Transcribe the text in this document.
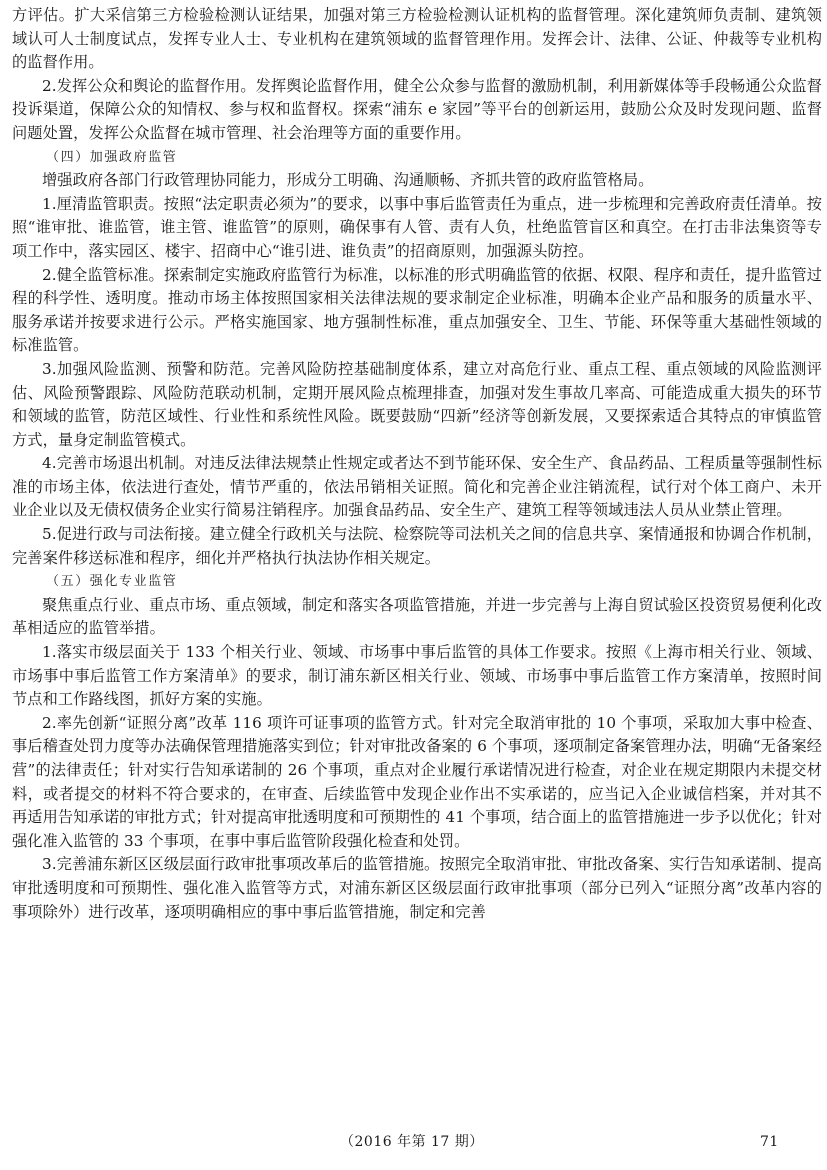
方评估。扩大采信第三方检验检测认证结果，加强对第三方检验检测认证机构的监督管理。深化建筑师负责制、建筑领域认可人士制度试点，发挥专业人士、专业机构在建筑领域的监督管理作用。发挥会计、法律、公证、仲裁等专业机构的监督作用。

2.发挥公众和舆论的监督作用。发挥舆论监督作用，健全公众参与监督的激励机制，利用新媒体等手段畅通公众监督投诉渠道，保障公众的知情权、参与权和监督权。探索“浦东 e 家园”等平台的创新运用，鼓励公众及时发现问题、监督问题处置，发挥公众监督在城市管理、社会治理等方面的重要作用。

（四）加强政府监管

增强政府各部门行政管理协同能力，形成分工明确、沟通顺畅、齐抓共管的政府监管格局。

1.厘清监管职责。按照“法定职责必须为”的要求，以事中事后监管责任为重点，进一步梳理和完善政府责任清单。按照“谁审批、谁监管，谁主管、谁监管”的原则，确保事有人管、责有人负，杜绝监管盲区和真空。在打击非法集资等专项工作中，落实园区、楼宇、招商中心“谁引进、谁负责”的招商原则，加强源头防控。

2.健全监管标准。探索制定实施政府监管行为标准，以标准的形式明确监管的依据、权限、程序和责任，提升监管过程的科学性、透明度。推动市场主体按照国家相关法律法规的要求制定企业标准，明确本企业产品和服务的质量水平、服务承诺并按要求进行公示。严格实施国家、地方强制性标准，重点加强安全、卫生、节能、环保等重大基础性领域的标准监管。

3.加强风险监测、预警和防范。完善风险防控基础制度体系，建立对高危行业、重点工程、重点领域的风险监测评估、风险预警跟踪、风险防范联动机制，定期开展风险点梳理排查，加强对发生事故几率高、可能造成重大损失的环节和领域的监管，防范区域性、行业性和系统性风险。既要鼓励“四新”经济等创新发展，又要探索适合其特点的审慎监管方式，量身定制监管模式。

4.完善市场退出机制。对违反法律法规禁止性规定或者达不到节能环保、安全生产、食品药品、工程质量等强制性标准的市场主体，依法进行查处，情节严重的，依法吊销相关证照。简化和完善企业注销流程，试行对个体工商户、未开业企业以及无债权债务企业实行简易注销程序。加强食品药品、安全生产、建筑工程等领域违法人员从业禁止管理。

5.促进行政与司法衔接。建立健全行政机关与法院、检察院等司法机关之间的信息共享、案情通报和协调合作机制，完善案件移送标准和程序，细化并严格执行执法协作相关规定。

（五）强化专业监管

聚焦重点行业、重点市场、重点领域，制定和落实各项监管措施，并进一步完善与上海自贸试验区投资贸易便利化改革相适应的监管举措。

1.落实市级层面关于 133 个相关行业、领域、市场事中事后监管的具体工作要求。按照《上海市相关行业、领域、市场事中事后监管工作方案清单》的要求，制订浦东新区相关行业、领域、市场事中事后监管工作方案清单，按照时间节点和工作路线图，抓好方案的实施。

2.率先创新“证照分离”改革 116 项许可证事项的监管方式。针对完全取消审批的 10 个事项，采取加大事中检查、事后稽查处罚力度等办法确保管理措施落实到位；针对审批改备案的 6 个事项，逐项制定备案管理办法，明确“无备案经营”的法律责任；针对实行告知承诺制的 26 个事项，重点对企业履行承诺情况进行检查，对企业在规定期限内未提交材料，或者提交的材料不符合要求的，在审查、后续监管中发现企业作出不实承诺的，应当记入企业诚信档案，并对其不再适用告知承诺的审批方式；针对提高审批透明度和可预期性的 41 个事项，结合面上的监管措施进一步予以优化；针对强化准入监管的 33 个事项，在事中事后监管阶段强化检查和处罚。

3.完善浦东新区区级层面行政审批事项改革后的监管措施。按照完全取消审批、审批改备案、实行告知承诺制、提高审批透明度和可预期性、强化准入监管等方式，对浦东新区区级层面行政审批事项（部分已列入“证照分离”改革内容的事项除外）进行改革，逐项明确相应的事中事后监管措施，制定和完善

（2016 年第 17 期）	71
